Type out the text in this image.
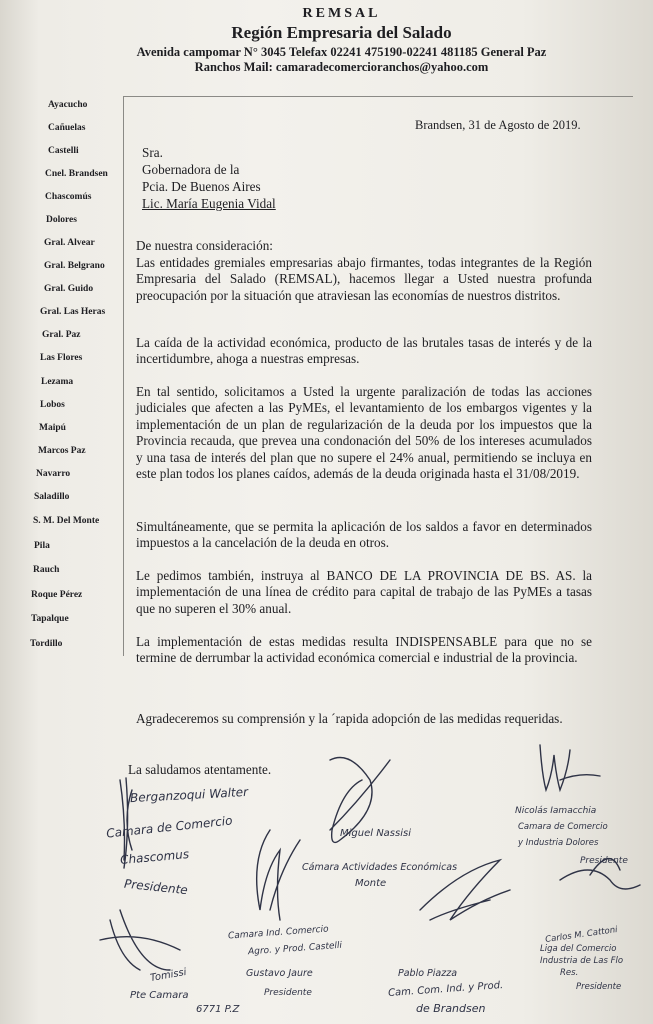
REMSAL
Región Empresaria del Salado
Avenida campomar N° 3045 Telefax 02241 475190-02241 481185 General Paz
Ranchos Mail: camaradecomercioranchos@yahoo.com
Ayacucho
Cañuelas
Castelli
Cnel. Brandsen
Chascomús
Dolores
Gral. Alvear
Gral. Belgrano
Gral. Guido
Gral. Las Heras
Gral. Paz
Las Flores
Lezama
Lobos
Maipú
Marcos Paz
Navarro
Saladillo
S. M. Del Monte
Pila
Rauch
Roque Pérez
Tapalque
Tordillo
Brandsen, 31 de Agosto de 2019.
Sra.
Gobernadora de la
Pcia. De Buenos Aires
Lic. María Eugenia Vidal
De nuestra consideración:
Las entidades gremiales empresarias abajo firmantes, todas integrantes de la Región Empresaria del Salado (REMSAL), hacemos llegar a Usted nuestra profunda preocupación por la situación que atraviesan las economías de nuestros distritos.
La caída de la actividad económica, producto de las brutales tasas de interés y de la incertidumbre, ahoga a nuestras empresas.
En tal sentido, solicitamos a Usted la urgente paralización de todas las acciones judiciales que afecten a las PyMEs, el levantamiento de los embargos vigentes y la implementación de un plan de regularización de la deuda por los impuestos que la Provincia recauda, que prevea una condonación del 50% de los intereses acumulados y una tasa de interés del plan que no supere el 24% anual, permitiendo se incluya en este plan todos los planes caídos, además de la deuda originada hasta el 31/08/2019.
Simultáneamente, que se permita la aplicación de los saldos a favor en determinados impuestos a la cancelación de la deuda en otros.
Le pedimos también, instruya al BANCO DE LA PROVINCIA DE BS. AS. la implementación de una línea de crédito para capital de trabajo de las PyMEs a tasas que no superen el 30% anual.
La implementación de estas medidas resulta INDISPENSABLE para que no se termine de derrumbar la actividad económica comercial e industrial de la provincia.
Agradeceremos su comprensión y la ´rapida adopción de las medidas requeridas.
La saludamos atentamente.
Berganzoqui Walter
Camara de Comercio
Chascomus
Presidente
Miguel Nassisi
Cámara Actividades Económicas
Monte
Nicolás Iamacchia
Camara de Comercio
y Industria Dolores
Presidente
Camara Ind. Comercio
Agro. y Prod. Castelli
Gustavo Jaure
Presidente
Pablo Piazza
Cam. Com. Ind. y Prod.
de Brandsen
Carlos M. Cattoni
Liga del Comercio
Industria de Las Flo
Res.
Presidente
Tomissi
Pte Camara
6771 P.Z
